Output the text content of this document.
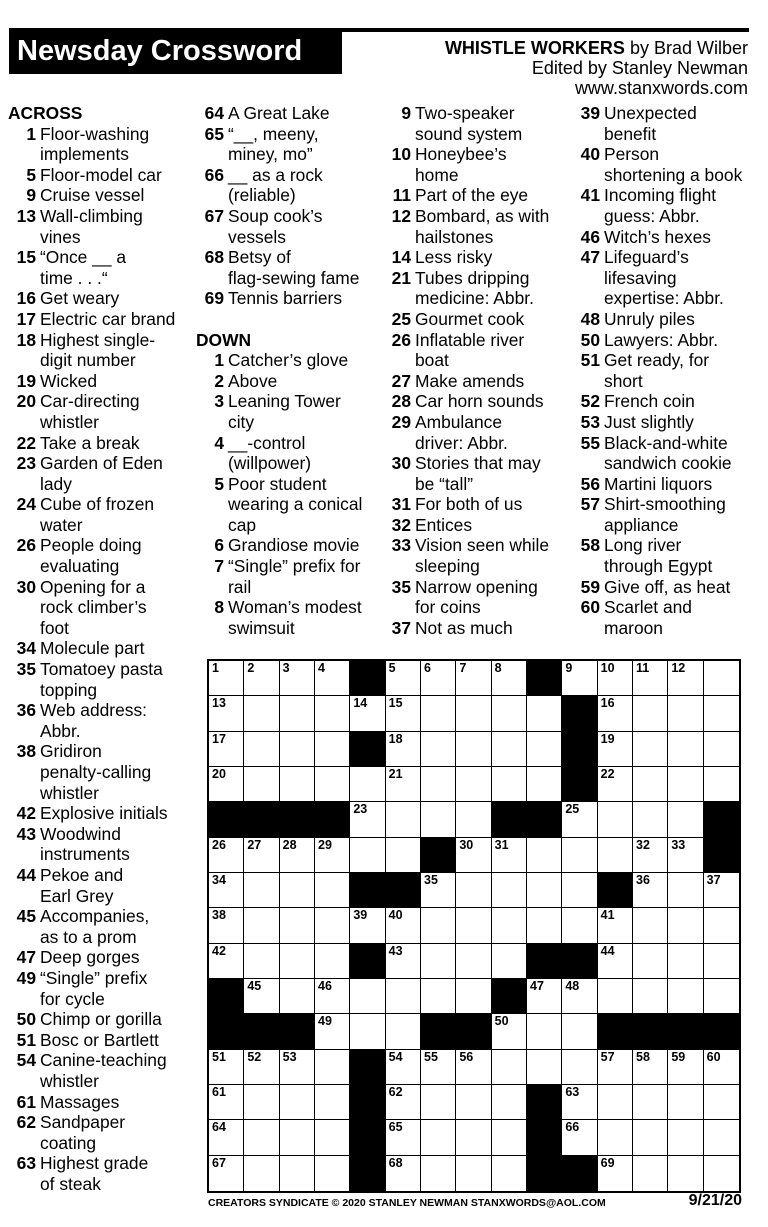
Newsday Crossword	WHISTLE WORKERS by Brad Wilber
Edited by Stanley Newman
www.stanxwords.com
ACROSS
1 Floor-washing
implements
5 Floor-model car
9 Cruise vessel
13 Wall-climbing
vines
15 “Once __ a
time . . .“
16 Get weary
17 Electric car brand
18 Highest single-
digit number
19 Wicked
20 Car-directing
whistler
22 Take a break
23 Garden of Eden
lady
24 Cube of frozen
water
26 People doing
evaluating
30 Opening for a
rock climber’s
foot
34 Molecule part
35 Tomatoey pasta
topping
36 Web address:
Abbr.
38 Gridiron
penalty-calling
whistler
42 Explosive initials
43 Woodwind
instruments
44 Pekoe and
Earl Grey
45 Accompanies,
as to a prom
47 Deep gorges
49 “Single” prefix
for cycle
50 Chimp or gorilla
51 Bosc or Bartlett
54 Canine-teaching
whistler
61 Massages
62 Sandpaper
coating
63 Highest grade
of steak
64 A Great Lake
65 “__, meeny,
miney, mo”
66 __ as a rock
(reliable)
67 Soup cook’s
vessels
68 Betsy of
flag-sewing fame
69 Tennis barriers
DOWN
1 Catcher’s glove
2 Above
3 Leaning Tower
city
4 __-control
(willpower)
5 Poor student
wearing a conical
cap
6 Grandiose movie
7 “Single” prefix for
rail
8 Woman’s modest
swimsuit
9 Two-speaker
sound system
10 Honeybee’s
home
11 Part of the eye
12 Bombard, as with
hailstones
14 Less risky
21 Tubes dripping
medicine: Abbr.
25 Gourmet cook
26 Inflatable river
boat
27 Make amends
28 Car horn sounds
29 Ambulance
driver: Abbr.
30 Stories that may
be “tall”
31 For both of us
32 Entices
33 Vision seen while
sleeping
35 Narrow opening
for coins
37 Not as much
39 Unexpected
benefit
40 Person
shortening a book
41 Incoming flight
guess: Abbr.
46 Witch’s hexes
47 Lifeguard’s
lifesaving
expertise: Abbr.
48 Unruly piles
50 Lawyers: Abbr.
51 Get ready, for
short
52 French coin
53 Just slightly
55 Black-and-white
sandwich cookie
56 Martini liquors
57 Shirt-smoothing
appliance
58 Long river
through Egypt
59 Give off, as heat
60 Scarlet and
maroon
1 2 3 4	5 6 7 8	9 10 11 12
13	14 15	16
17	18	19
20	21	22
23	24 25
26 27 28 29	30 31	32 33
34	35	36	37
38	39 40	41
42	43	44
45	46	47 48
49	50
51 52 53	54 55 56	57 58 59 60
61	62	63
64	65	66
67	68	69
CREATORS SYNDICATE © 2020 STANLEY NEWMAN STANXWORDS@AOL.COM	9/21/20
